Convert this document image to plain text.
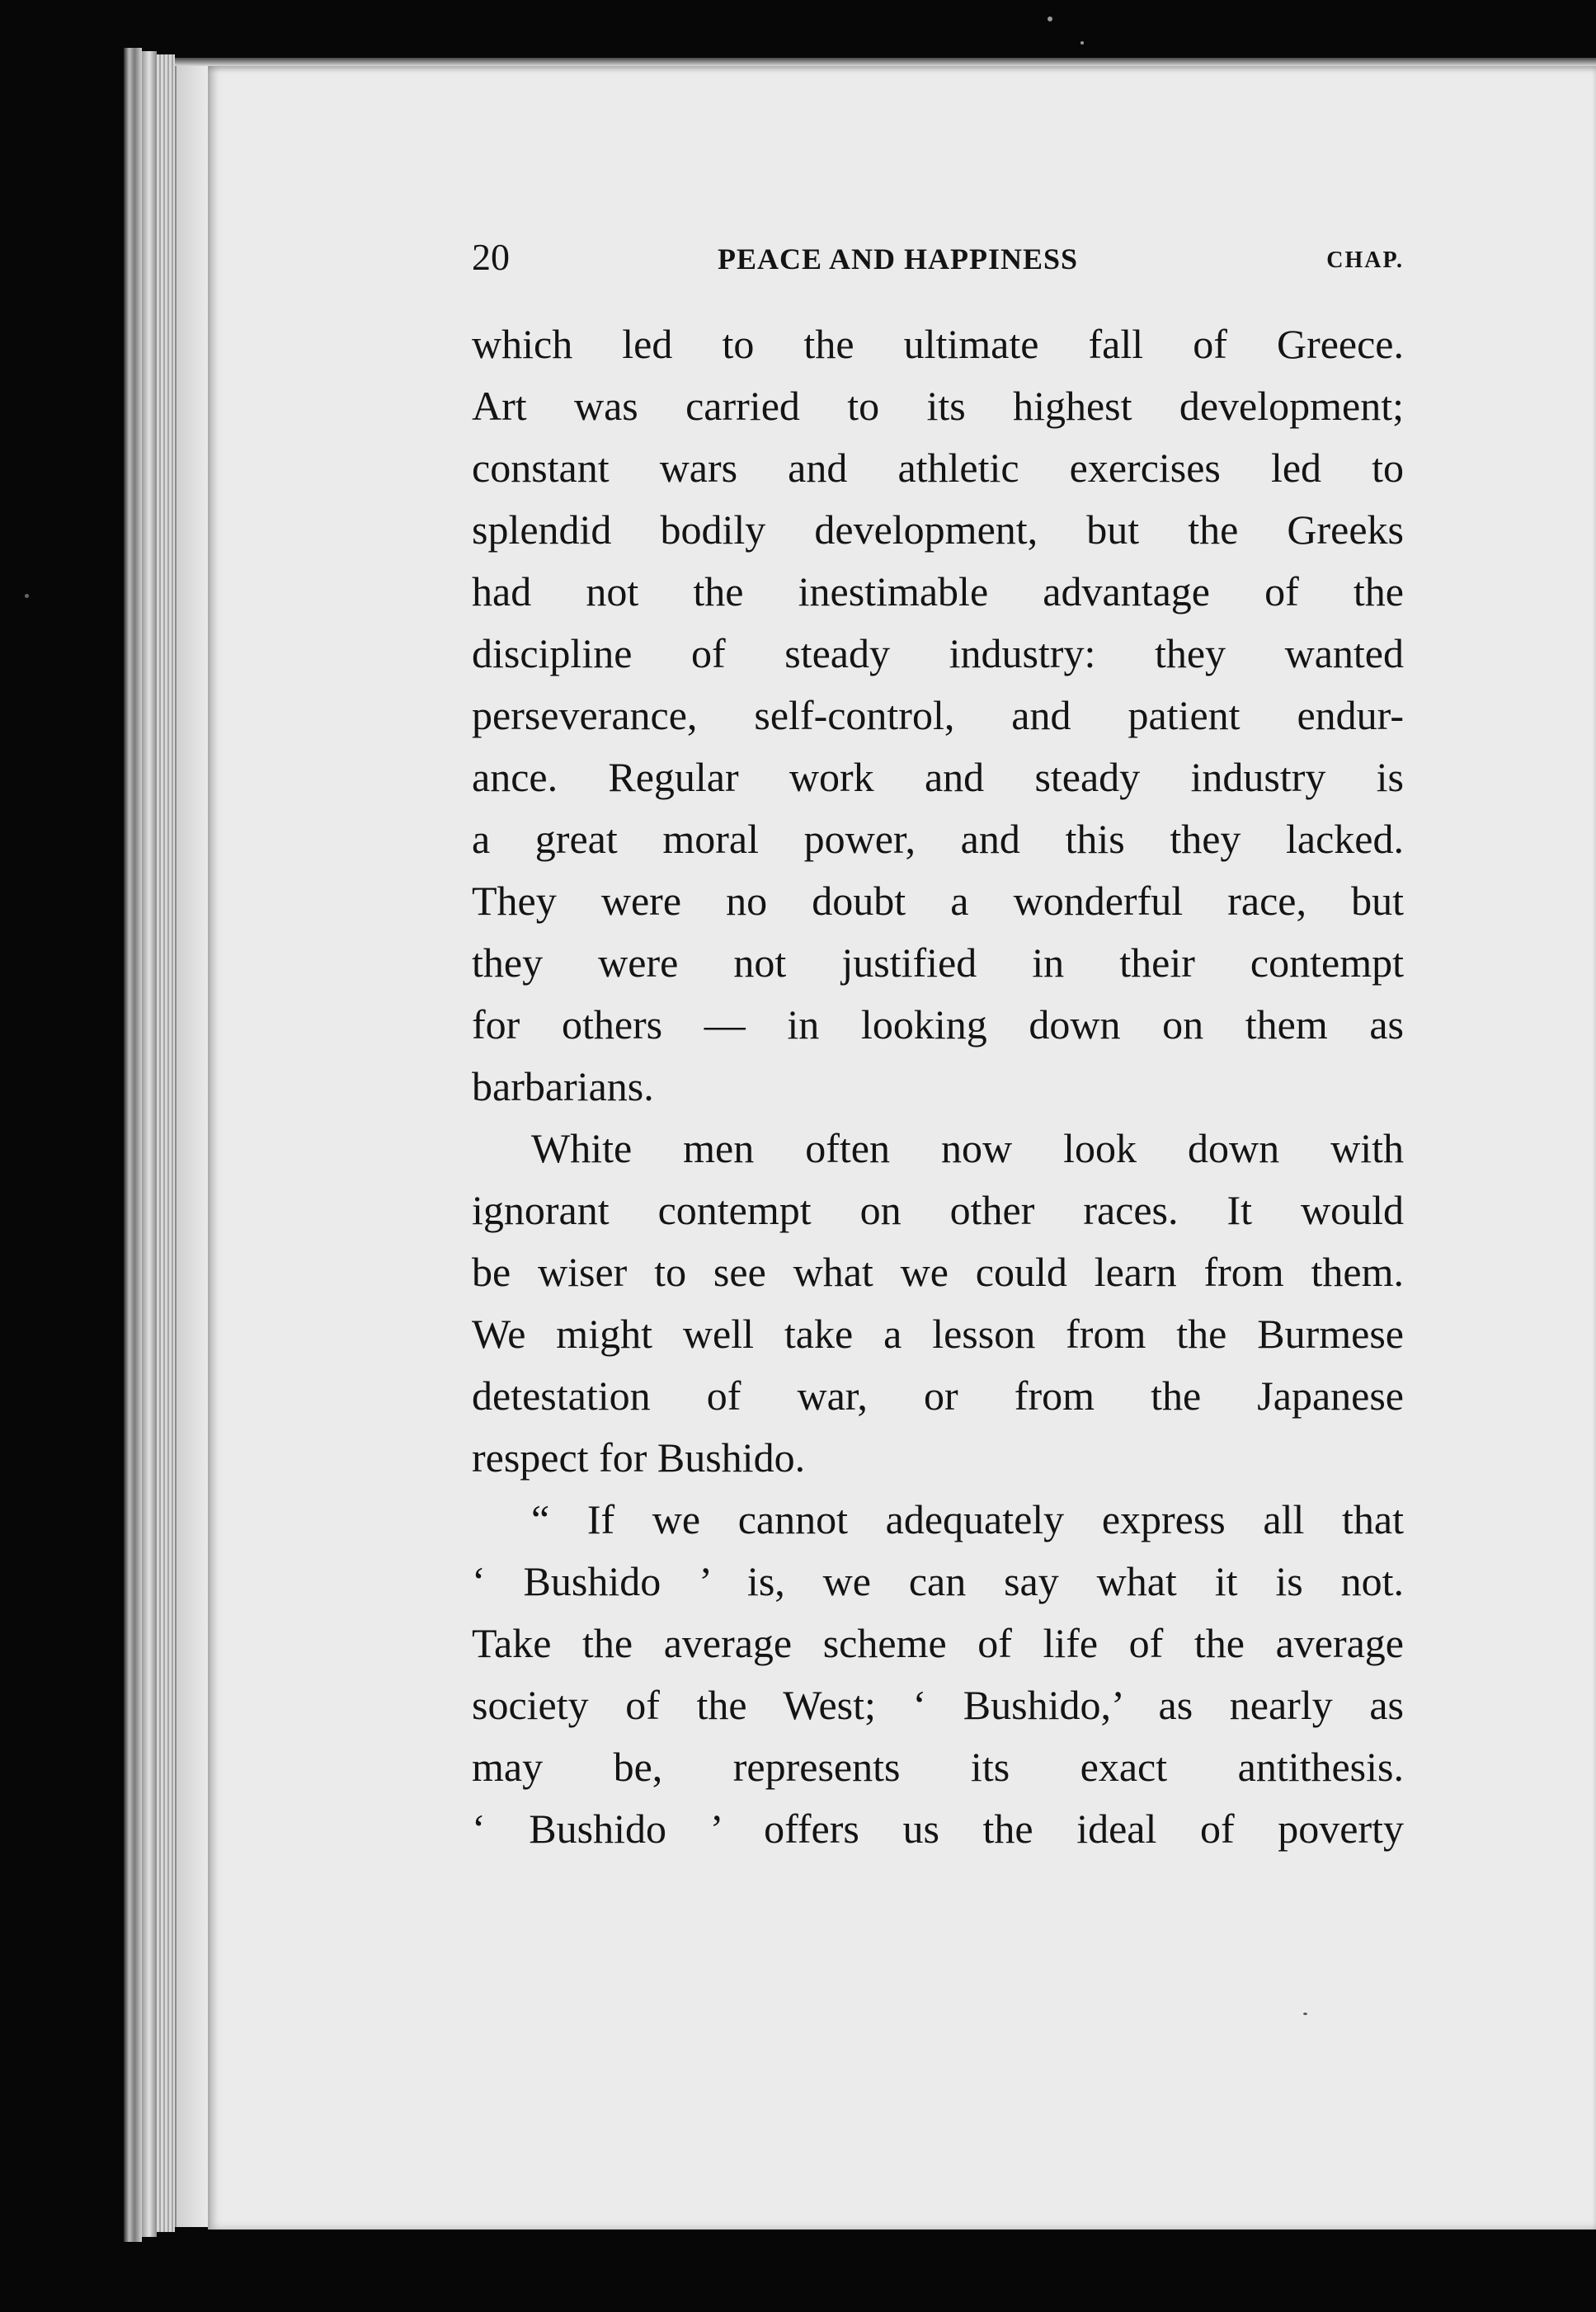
20	PEACE AND HAPPINESS	CHAP.
which led to the ultimate fall of Greece.
Art was carried to its highest development;
constant wars and athletic exercises led to
splendid bodily development, but the Greeks
had not the inestimable advantage of the
discipline of steady industry: they wanted
perseverance, self-control, and patient endur-
ance. Regular work and steady industry is
a great moral power, and this they lacked.
They were no doubt a wonderful race, but
they were not justified in their contempt
for others — in looking down on them as
barbarians.
White men often now look down with
ignorant contempt on other races. It would
be wiser to see what we could learn from them.
We might well take a lesson from the Burmese
detestation of war, or from the Japanese
respect for Bushido.
“ If we cannot adequately express all that
‘ Bushido ’ is, we can say what it is not.
Take the average scheme of life of the average
society of the West; ‘ Bushido,’ as nearly as
may be, represents its exact antithesis.
‘ Bushido ’ offers us the ideal of poverty
